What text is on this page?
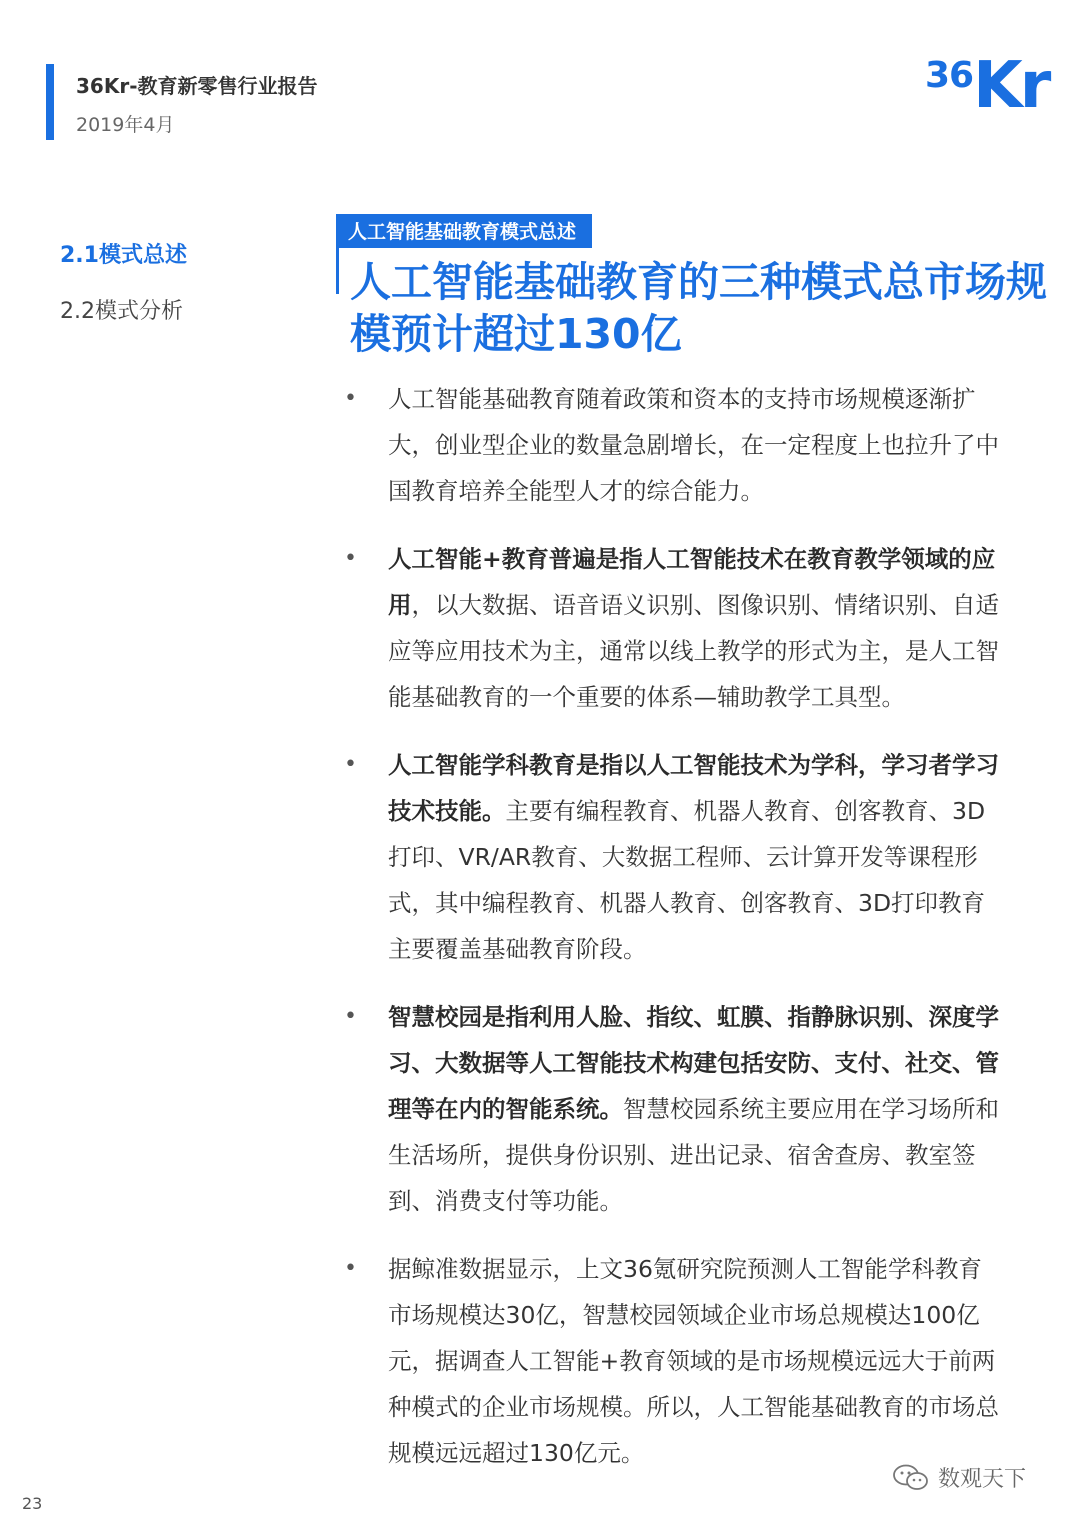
36Kr-教育新零售行业报告
2019年4月
36Kr
2.1模式总述
2.2模式分析
人工智能基础教育模式总述
人工智能基础教育的三种模式总市场规模预计超过130亿
• 人工智能基础教育随着政策和资本的支持市场规模逐渐扩大，创业型企业的数量急剧增长，在一定程度上也拉升了中国教育培养全能型人才的综合能力。
• 人工智能+教育普遍是指人工智能技术在教育教学领域的应用，以大数据、语音语义识别、图像识别、情绪识别、自适应等应用技术为主，通常以线上教学的形式为主，是人工智能基础教育的一个重要的体系—辅助教学工具型。
• 人工智能学科教育是指以人工智能技术为学科，学习者学习技术技能。主要有编程教育、机器人教育、创客教育、3D打印、VR/AR教育、大数据工程师、云计算开发等课程形式，其中编程教育、机器人教育、创客教育、3D打印教育主要覆盖基础教育阶段。
• 智慧校园是指利用人脸、指纹、虹膜、指静脉识别、深度学习、大数据等人工智能技术构建包括安防、支付、社交、管理等在内的智能系统。智慧校园系统主要应用在学习场所和生活场所，提供身份识别、进出记录、宿舍查房、教室签到、消费支付等功能。
• 据鲸准数据显示，上文36氪研究院预测人工智能学科教育市场规模达30亿，智慧校园领域企业市场总规模达100亿元，据调查人工智能+教育领域的是市场规模远远大于前两种模式的企业市场规模。所以，人工智能基础教育的市场总规模远远超过130亿元。
23
数观天下
